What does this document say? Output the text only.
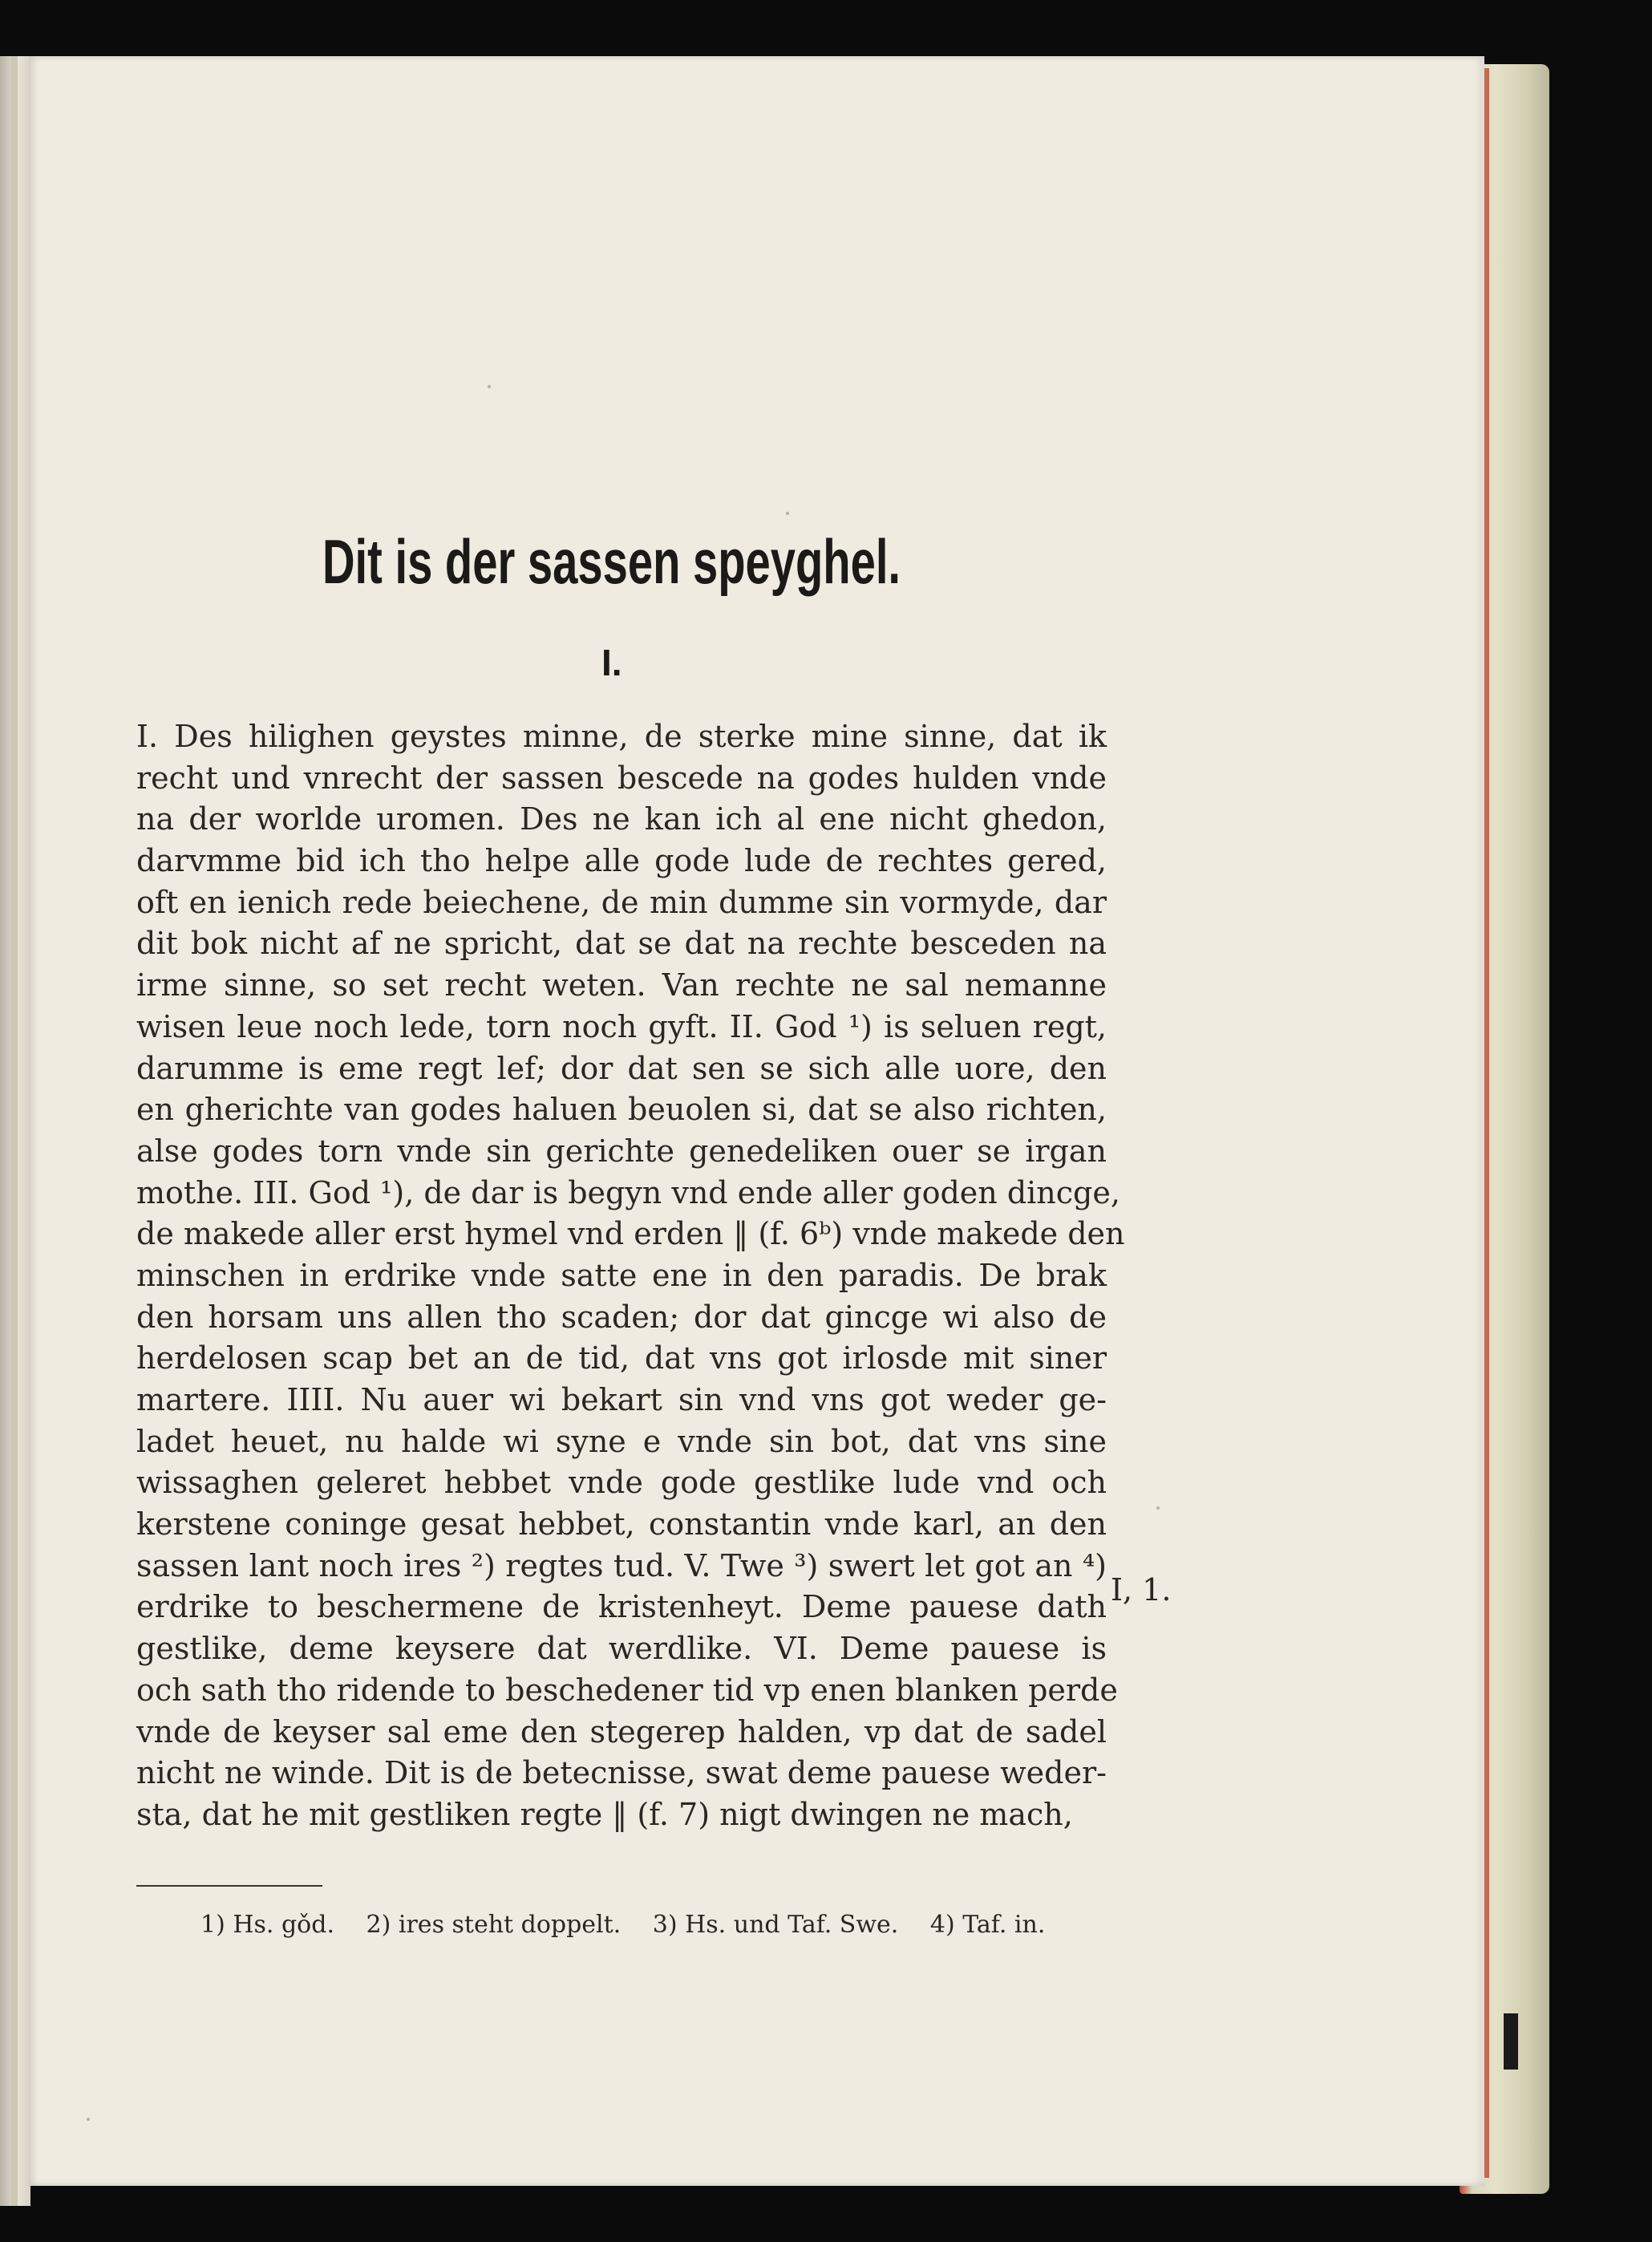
Dit is der sassen speyghel.
I.
I. Des hilighen geystes minne, de sterke mine sinne, dat ik
recht und vnrecht der sassen bescede na godes hulden vnde
na der worlde uromen. Des ne kan ich al ene nicht ghedon,
darvmme bid ich tho helpe alle gode lude de rechtes gered,
oft en ienich rede beiechene, de min dumme sin vormyde, dar
dit bok nicht af ne spricht, dat se dat na rechte besceden na
irme sinne, so set recht weten. Van rechte ne sal nemanne
wisen leue noch lede, torn noch gyft. II. God ¹) is seluen regt,
darumme is eme regt lef; dor dat sen se sich alle uore, den
en gherichte van godes haluen beuolen si, dat se also richten,
alse godes torn vnde sin gerichte genedeliken ouer se irgan
mothe. III. God ¹), de dar is begyn vnd ende aller goden dincge,
de makede aller erst hymel vnd erden ‖ (f. 6ᵇ) vnde makede den
minschen in erdrike vnde satte ene in den paradis. De brak
den horsam uns allen tho scaden; dor dat gincge wi also de
herdelosen scap bet an de tid, dat vns got irlosde mit siner
martere. IIII. Nu auer wi bekart sin vnd vns got weder ge-
ladet heuet, nu halde wi syne e vnde sin bot, dat vns sine
wissaghen geleret hebbet vnde gode gestlike lude vnd och
kerstene coninge gesat hebbet, constantin vnde karl, an den
sassen lant noch ires ²) regtes tud. V. Twe ³) swert let got an ⁴)
erdrike to beschermene de kristenheyt. Deme pauese dath
gestlike, deme keysere dat werdlike. VI. Deme pauese is
och sath tho ridende to beschedener tid vp enen blanken perde
vnde de keyser sal eme den stegerep halden, vp dat de sadel
nicht ne winde. Dit is de betecnisse, swat deme pauese weder-
sta, dat he mit gestliken regte ‖ (f. 7) nigt dwingen ne mach,
I, 1.
1) Hs. gǒd. 2) ires steht doppelt. 3) Hs. und Taf. Swe. 4) Taf. in.
